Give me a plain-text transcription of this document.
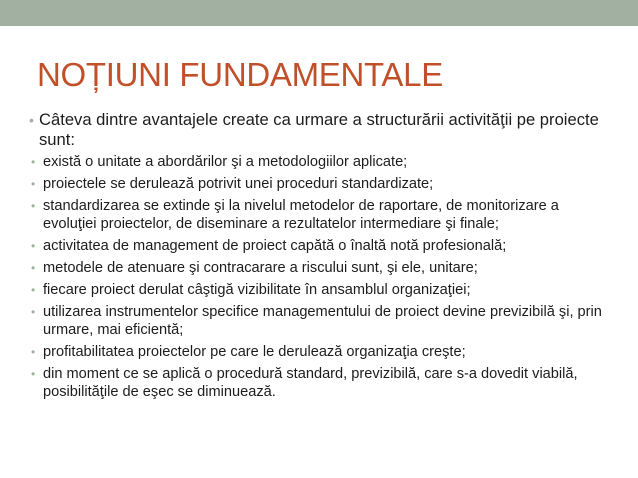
NOȚIUNI FUNDAMENTALE
• Câteva dintre avantajele create ca urmare a structurării activităţii pe proiecte sunt:
• există o unitate a abordărilor şi a metodologiilor aplicate;
• proiectele se derulează potrivit unei proceduri standardizate;
• standardizarea se extinde şi la nivelul metodelor de raportare, de monitorizare a evoluţiei proiectelor, de diseminare a rezultatelor intermediare şi finale;
• activitatea de management de proiect capătă o înaltă notă profesională;
• metodele de atenuare şi contracarare a riscului sunt, şi ele, unitare;
• fiecare proiect derulat câştigă vizibilitate în ansamblul organizaţiei;
• utilizarea instrumentelor specifice managementului de proiect devine previzibilă şi, prin urmare, mai eficientă;
• profitabilitatea proiectelor pe care le derulează organizaţia creşte;
• din moment ce se aplică o procedură standard, previzibilă, care s-a dovedit viabilă, posibilităţile de eşec se diminuează.
